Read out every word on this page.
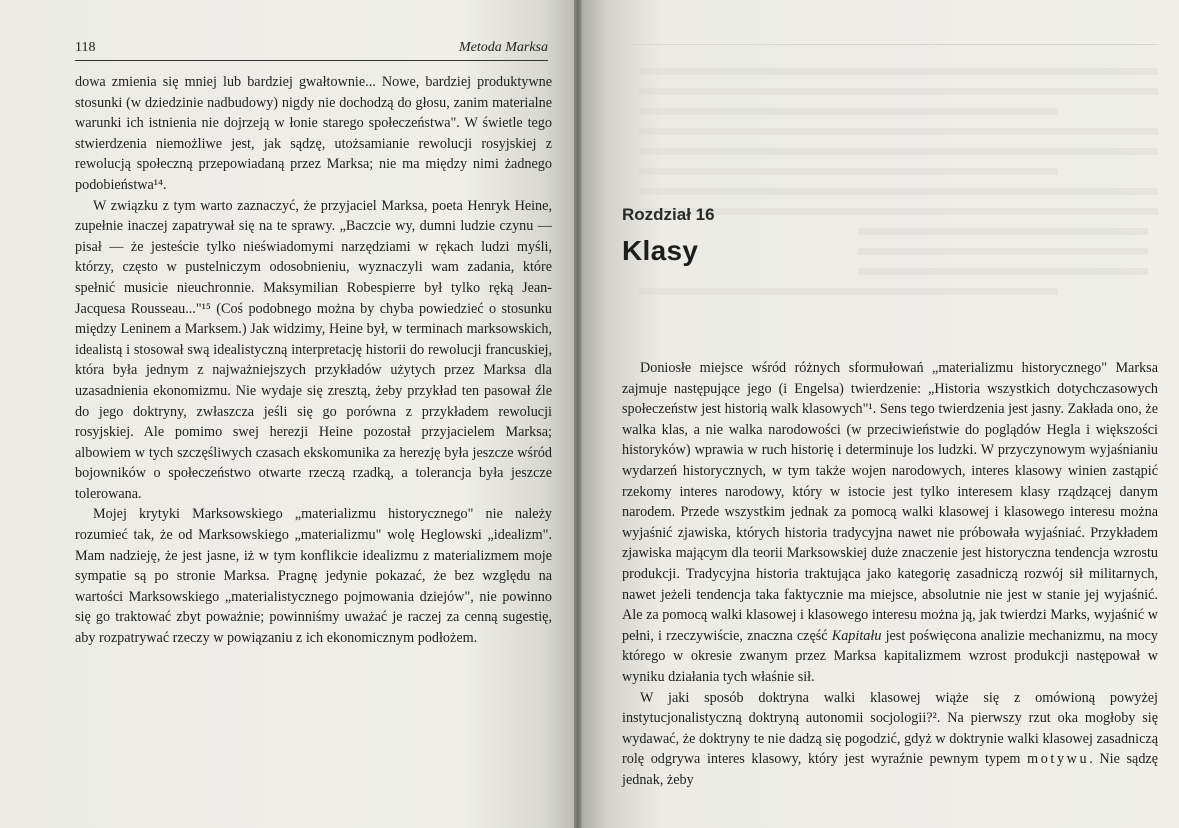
118	Metoda Marksa

dowa zmienia się mniej lub bardziej gwałtownie... Nowe, bardziej produktywne stosunki (w dziedzinie nadbudowy) nigdy nie dochodzą do głosu, zanim materialne warunki ich istnienia nie dojrzeją w łonie starego społeczeństwa". W świetle tego stwierdzenia niemożliwe jest, jak sądzę, utożsamianie rewolucji rosyjskiej z rewolucją społeczną przepowiadaną przez Marksa; nie ma między nimi żadnego podobieństwa¹⁴.

W związku z tym warto zaznaczyć, że przyjaciel Marksa, poeta Henryk Heine, zupełnie inaczej zapatrywał się na te sprawy. „Baczcie wy, dumni ludzie czynu — pisał — że jesteście tylko nieświadomymi narzędziami w rękach ludzi myśli, którzy, często w pustelniczym odosobnieniu, wyznaczyli wam zadania, które spełnić musicie nieuchronnie. Maksymilian Robespierre był tylko ręką Jean-Jacquesa Rousseau..."¹⁵ (Coś podobnego można by chyba powiedzieć o stosunku między Leninem a Marksem.) Jak widzimy, Heine był, w terminach marksowskich, idealistą i stosował swą idealistyczną interpretację historii do rewolucji francuskiej, która była jednym z najważniejszych przykładów użytych przez Marksa dla uzasadnienia ekonomizmu. Nie wydaje się zresztą, żeby przykład ten pasował źle do jego doktryny, zwłaszcza jeśli się go porówna z przykładem rewolucji rosyjskiej. Ale pomimo swej herezji Heine pozostał przyjacielem Marksa; albowiem w tych szczęśliwych czasach ekskomunika za herezję była jeszcze wśród bojowników o społeczeństwo otwarte rzeczą rzadką, a tolerancja była jeszcze tolerowana.

Mojej krytyki Marksowskiego „materializmu historycznego" nie należy rozumieć tak, że od Marksowskiego „materializmu" wolę Heglowski „idealizm". Mam nadzieję, że jest jasne, iż w tym konflikcie idealizmu z materializmem moje sympatie są po stronie Marksa. Pragnę jedynie pokazać, że bez względu na wartości Marksowskiego „materialistycznego pojmowania dziejów", nie powinno się go traktować zbyt poważnie; powinniśmy uważać je raczej za cenną sugestię, aby rozpatrywać rzeczy w powiązaniu z ich ekonomicznym podłożem.

Rozdział 16
Klasy

Doniosłe miejsce wśród różnych sformułowań „materializmu historycznego" Marksa zajmuje następujące jego (i Engelsa) twierdzenie: „Historia wszystkich dotychczasowych społeczeństw jest historią walk klasowych"¹. Sens tego twierdzenia jest jasny. Zakłada ono, że walka klas, a nie walka narodowości (w przeciwieństwie do poglądów Hegla i większości historyków) wprawia w ruch historię i determinuje los ludzki. W przyczynowym wyjaśnianiu wydarzeń historycznych, w tym także wojen narodowych, interes klasowy winien zastąpić rzekomy interes narodowy, który w istocie jest tylko interesem klasy rządzącej danym narodem. Przede wszystkim jednak za pomocą walki klasowej i klasowego interesu można wyjaśnić zjawiska, których historia tradycyjna nawet nie próbowała wyjaśniać. Przykładem zjawiska mającym dla teorii Marksowskiej duże znaczenie jest historyczna tendencja wzrostu produkcji. Tradycyjna historia traktująca jako kategorię zasadniczą rozwój sił militarnych, nawet jeżeli tendencja taka faktycznie ma miejsce, absolutnie nie jest w stanie jej wyjaśnić. Ale za pomocą walki klasowej i klasowego interesu można ją, jak twierdzi Marks, wyjaśnić w pełni, i rzeczywiście, znaczna część Kapitału jest poświęcona analizie mechanizmu, na mocy którego w okresie zwanym przez Marksa kapitalizmem wzrost produkcji następował w wyniku działania tych właśnie sił.

W jaki sposób doktryna walki klasowej wiąże się z omówioną powyżej instytucjonalistyczną doktryną autonomii socjologii?². Na pierwszy rzut oka mogłoby się wydawać, że doktryny te nie dadzą się pogodzić, gdyż w doktrynie walki klasowej zasadniczą rolę odgrywa interes klasowy, który jest wyraźnie pewnym typem motywu. Nie sądzę jednak, żeby
